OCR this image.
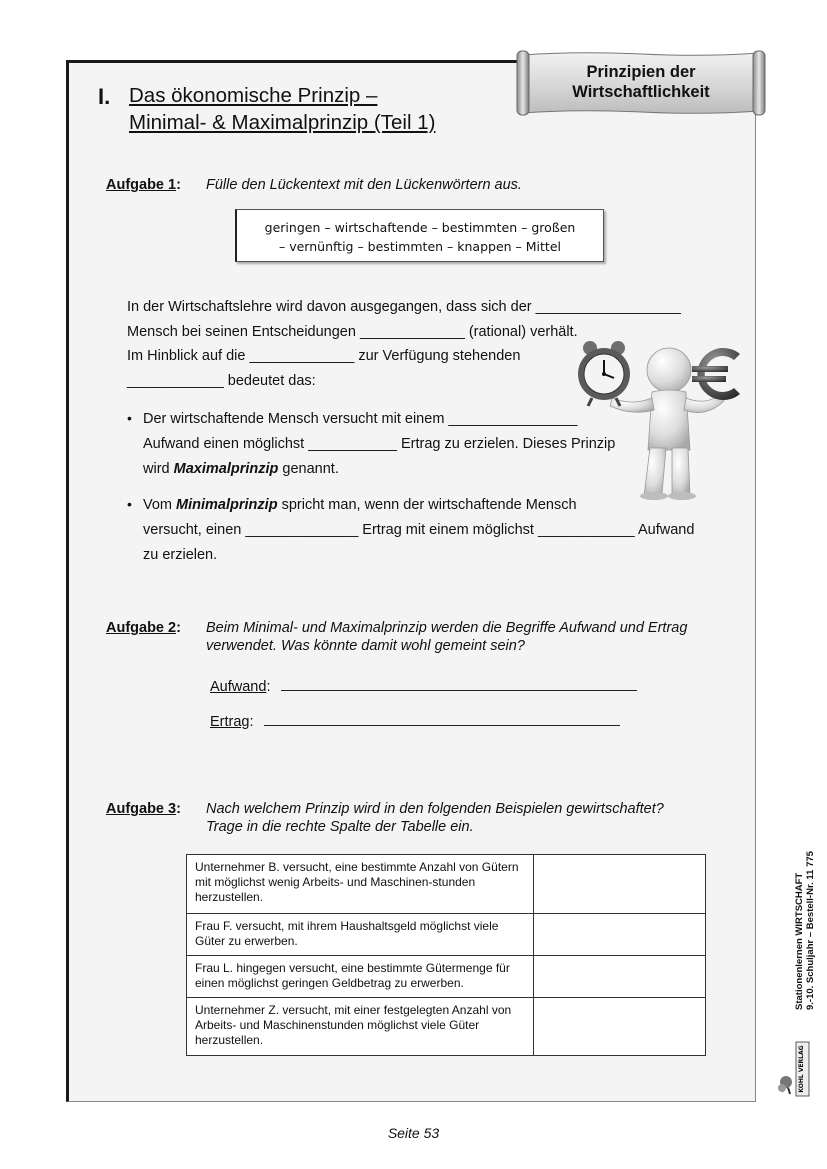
Prinzipien der
Wirtschaftlichkeit
I. Das ökonomische Prinzip –
Minimal- & Maximalprinzip (Teil 1)
Aufgabe 1: Fülle den Lückentext mit den Lückenwörtern aus.
geringen – wirtschaftende – bestimmten – großen
– vernünftig – bestimmten – knappen – Mittel
In der Wirtschaftslehre wird davon ausgegangen, dass sich der __________________
Mensch bei seinen Entscheidungen _____________ (rational) verhält.
Im Hinblick auf die _____________ zur Verfügung stehenden
____________ bedeutet das:
• Der wirtschaftende Mensch versucht mit einem ________________
Aufwand einen möglichst ___________ Ertrag zu erzielen. Dieses Prinzip
wird Maximalprinzip genannt.
• Vom Minimalprinzip spricht man, wenn der wirtschaftende Mensch
versucht, einen ______________ Ertrag mit einem möglichst ____________ Aufwand
zu erzielen.
Aufgabe 2: Beim Minimal- und Maximalprinzip werden die Begriffe Aufwand und Ertrag
verwendet. Was könnte damit wohl gemeint sein?
Aufwand:
Ertrag:
Aufgabe 3: Nach welchem Prinzip wird in den folgenden Beispielen gewirtschaftet?
Trage in die rechte Spalte der Tabelle ein.
Unternehmer B. versucht, eine bestimmte Anzahl von Gütern mit möglichst wenig Arbeits- und Maschinen-stunden herzustellen.	
Frau F. versucht, mit ihrem Haushaltsgeld möglichst viele Güter zu erwerben.	
Frau L. hingegen versucht, eine bestimmte Gütermenge für einen möglichst geringen Geldbetrag zu erwerben.	
Unternehmer Z. versucht, mit einer festgelegten Anzahl von Arbeits- und Maschinenstunden möglichst viele Güter herzustellen.	
Stationenlernen WIRTSCHAFT 9.-10. Schuljahr – Bestell-Nr. 11 775
KOHL VERLAG
Seite 53
